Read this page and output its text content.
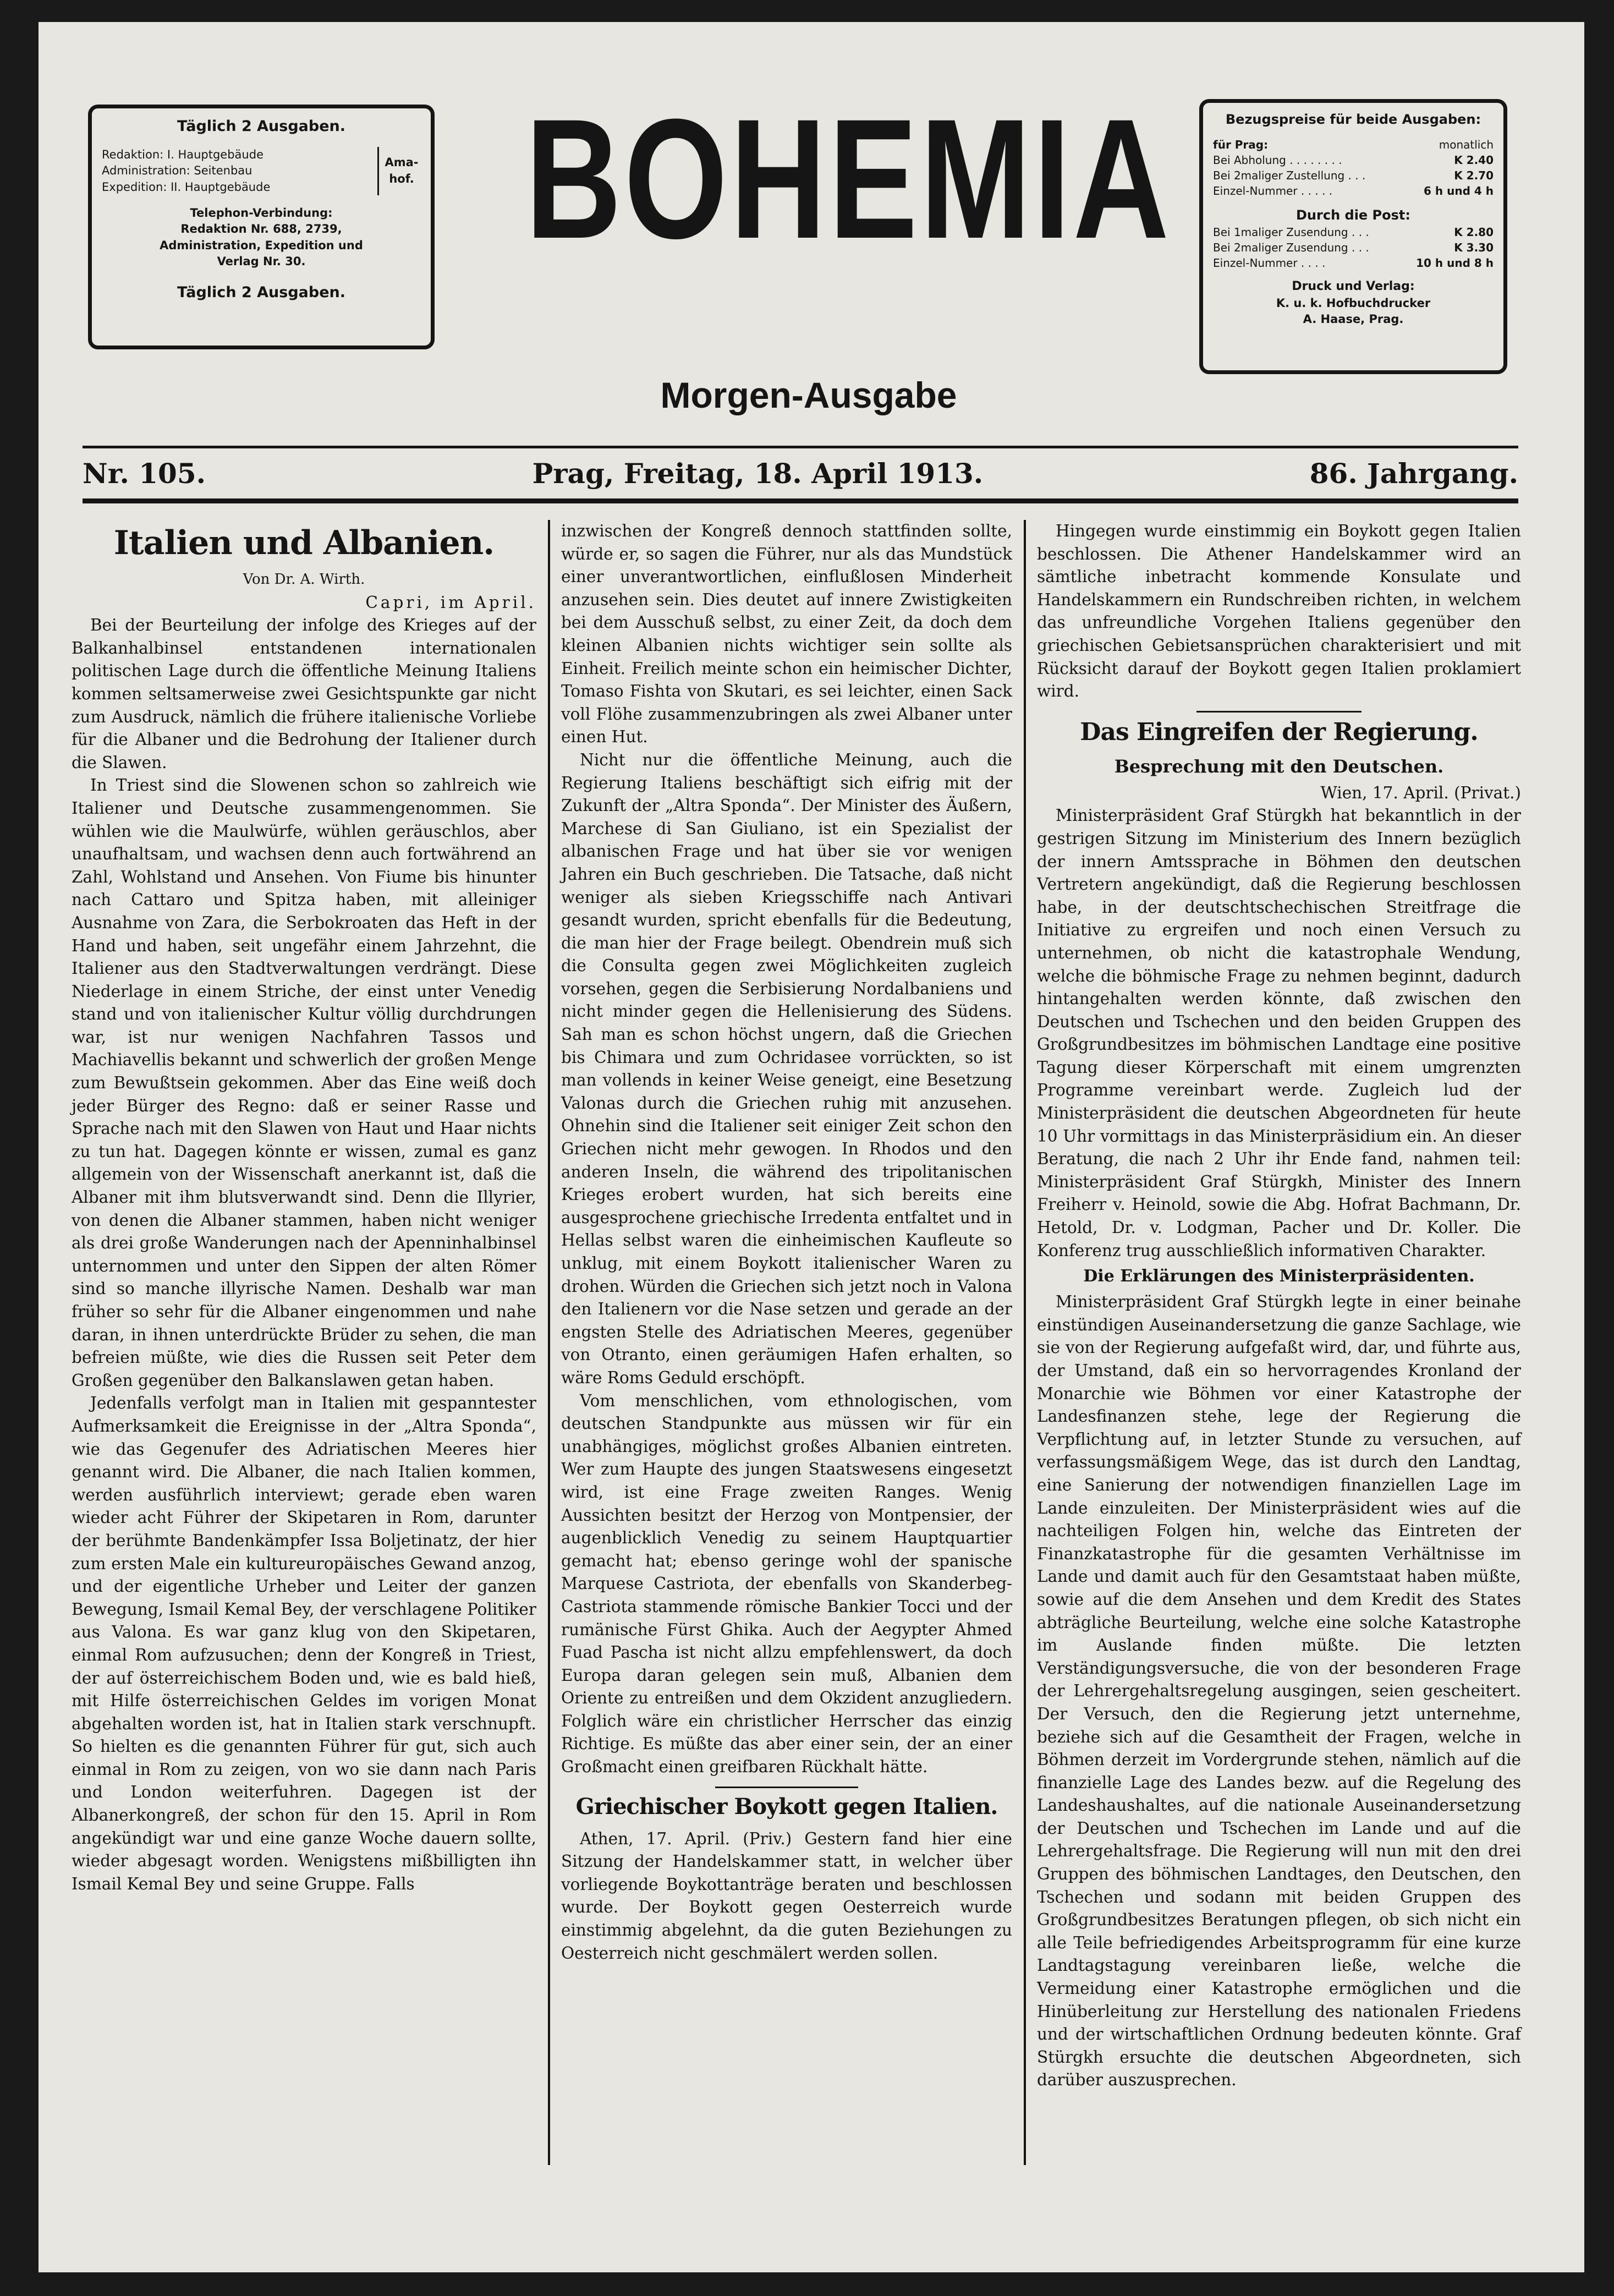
Täglich 2 Ausgaben.
Redaktion: I. Hauptgebäude
Administration: Seitenbau
Expedition: II. Hauptgebäude
Ama-hof.
Telephon-Verbindung:
Redaktion Nr. 688, 2739,
Administration, Expedition und
Verlag Nr. 30.
Täglich 2 Ausgaben.
BOHEMIA
Morgen-Ausgabe
Bezugspreise für beide Ausgaben:
für Prag:	monatlich
Bei Abholung . . . . . . . .	K 2.40
Bei 2maliger Zustellung . . .	K 2.70
Einzel-Nummer . . . . .	6 h und 4 h
Durch die Post:
Bei 1maliger Zusendung . . .	K 2.80
Bei 2maliger Zusendung . . .	K 3.30
Einzel-Nummer . . . .	10 h und 8 h
Druck und Verlag:
K. u. k. Hofbuchdrucker
A. Haase, Prag.
Nr. 105.	Prag, Freitag, 18. April 1913.	86. Jahrgang.
Italien und Albanien.
Von Dr. A. Wirth.
Capri, im April.

Bei der Beurteilung der infolge des Krieges auf der Balkanhalbinsel entstandenen internationalen politischen Lage durch die öffentliche Meinung Italiens kommen seltsamerweise zwei Gesichtspunkte gar nicht zum Ausdruck, nämlich die frühere italienische Vorliebe für die Albaner und die Bedrohung der Italiener durch die Slawen.

In Triest sind die Slowenen schon so zahlreich wie Italiener und Deutsche zusammengenommen. Sie wühlen wie die Maulwürfe, wühlen geräuschlos, aber unaufhaltsam, und wachsen denn auch fortwährend an Zahl, Wohlstand und Ansehen. Von Fiume bis hinunter nach Cattaro und Spitza haben, mit alleiniger Ausnahme von Zara, die Serbokroaten das Heft in der Hand und haben, seit ungefähr einem Jahrzehnt, die Italiener aus den Stadtverwaltungen verdrängt. Diese Niederlage in einem Striche, der einst unter Venedig stand und von italienischer Kultur völlig durchdrungen war, ist nur wenigen Nachfahren Tassos und Machiavellis bekannt und schwerlich der großen Menge zum Bewußtsein gekommen. Aber das Eine weiß doch jeder Bürger des Regno: daß er seiner Rasse und Sprache nach mit den Slawen von Haut und Haar nichts zu tun hat. Dagegen könnte er wissen, zumal es ganz allgemein von der Wissenschaft anerkannt ist, daß die Albaner mit ihm blutsverwandt sind. Denn die Illyrier, von denen die Albaner stammen, haben nicht weniger als drei große Wanderungen nach der Apenninhalbinsel unternommen und unter den Sippen der alten Römer sind so manche illyrische Namen. Deshalb war man früher so sehr für die Albaner eingenommen und nahe daran, in ihnen unterdrückte Brüder zu sehen, die man befreien müßte, wie dies die Russen seit Peter dem Großen gegenüber den Balkanslawen getan haben.

Jedenfalls verfolgt man in Italien mit gespanntester Aufmerksamkeit die Ereignisse in der „Altra Sponda“, wie das Gegenufer des Adriatischen Meeres hier genannt wird. Die Albaner, die nach Italien kommen, werden ausführlich interviewt; gerade eben waren wieder acht Führer der Skipetaren in Rom, darunter der berühmte Bandenkämpfer Issa Boljetinatz, der hier zum ersten Male ein kultureuropäisches Gewand anzog, und der eigentliche Urheber und Leiter der ganzen Bewegung, Ismail Kemal Bey, der verschlagene Politiker aus Valona. Es war ganz klug von den Skipetaren, einmal Rom aufzusuchen; denn der Kongreß in Triest, der auf österreichischem Boden und, wie es bald hieß, mit Hilfe österreichischen Geldes im vorigen Monat abgehalten worden ist, hat in Italien stark verschnupft. So hielten es die genannten Führer für gut, sich auch einmal in Rom zu zeigen, von wo sie dann nach Paris und London weiterfuhren. Dagegen ist der Albanerkongreß, der schon für den 15. April in Rom angekündigt war und eine ganze Woche dauern sollte, wieder abgesagt worden. Wenigstens mißbilligten ihn Ismail Kemal Bey und seine Gruppe. Falls

inzwischen der Kongreß dennoch stattfinden sollte, würde er, so sagen die Führer, nur als das Mundstück einer unverantwortlichen, einflußlosen Minderheit anzusehen sein. Dies deutet auf innere Zwistigkeiten bei dem Ausschuß selbst, zu einer Zeit, da doch dem kleinen Albanien nichts wichtiger sein sollte als Einheit. Freilich meinte schon ein heimischer Dichter, Tomaso Fishta von Skutari, es sei leichter, einen Sack voll Flöhe zusammenzubringen als zwei Albaner unter einen Hut.

Nicht nur die öffentliche Meinung, auch die Regierung Italiens beschäftigt sich eifrig mit der Zukunft der „Altra Sponda“. Der Minister des Äußern, Marchese di San Giuliano, ist ein Spezialist der albanischen Frage und hat über sie vor wenigen Jahren ein Buch geschrieben. Die Tatsache, daß nicht weniger als sieben Kriegsschiffe nach Antivari gesandt wurden, spricht ebenfalls für die Bedeutung, die man hier der Frage beilegt. Obendrein muß sich die Consulta gegen zwei Möglichkeiten zugleich vorsehen, gegen die Serbisierung Nordalbaniens und nicht minder gegen die Hellenisierung des Südens. Sah man es schon höchst ungern, daß die Griechen bis Chimara und zum Ochridasee vorrückten, so ist man vollends in keiner Weise geneigt, eine Besetzung Valonas durch die Griechen ruhig mit anzusehen. Ohnehin sind die Italiener seit einiger Zeit schon den Griechen nicht mehr gewogen. In Rhodos und den anderen Inseln, die während des tripolitanischen Krieges erobert wurden, hat sich bereits eine ausgesprochene griechische Irredenta entfaltet und in Hellas selbst waren die einheimischen Kaufleute so unklug, mit einem Boykott italienischer Waren zu drohen. Würden die Griechen sich jetzt noch in Valona den Italienern vor die Nase setzen und gerade an der engsten Stelle des Adriatischen Meeres, gegenüber von Otranto, einen geräumigen Hafen erhalten, so wäre Roms Geduld erschöpft.

Vom menschlichen, vom ethnologischen, vom deutschen Standpunkte aus müssen wir für ein unabhängiges, möglichst großes Albanien eintreten. Wer zum Haupte des jungen Staatswesens eingesetzt wird, ist eine Frage zweiten Ranges. Wenig Aussichten besitzt der Herzog von Montpensier, der augenblicklich Venedig zu seinem Hauptquartier gemacht hat; ebenso geringe wohl der spanische Marquese Castriota, der ebenfalls von Skanderbeg-Castriota stammende römische Bankier Tocci und der rumänische Fürst Ghika. Auch der Aegypter Ahmed Fuad Pascha ist nicht allzu empfehlenswert, da doch Europa daran gelegen sein muß, Albanien dem Oriente zu entreißen und dem Okzident anzugliedern. Folglich wäre ein christlicher Herrscher das einzig Richtige. Es müßte das aber einer sein, der an einer Großmacht einen greifbaren Rückhalt hätte.

Griechischer Boykott gegen Italien.

Athen, 17. April. (Priv.) Gestern fand hier eine Sitzung der Handelskammer statt, in welcher über vorliegende Boykottanträge beraten und beschlossen wurde. Der Boykott gegen Oesterreich wurde einstimmig abgelehnt, da die guten Beziehungen zu Oesterreich nicht geschmälert werden sollen.

Hingegen wurde einstimmig ein Boykott gegen Italien beschlossen. Die Athener Handelskammer wird an sämtliche inbetracht kommende Konsulate und Handelskammern ein Rundschreiben richten, in welchem das unfreundliche Vorgehen Italiens gegenüber den griechischen Gebietsansprüchen charakterisiert und mit Rücksicht darauf der Boykott gegen Italien proklamiert wird.

Das Eingreifen der Regierung.
Besprechung mit den Deutschen.
Wien, 17. April. (Privat.)

Ministerpräsident Graf Stürgkh hat bekanntlich in der gestrigen Sitzung im Ministerium des Innern bezüglich der innern Amtssprache in Böhmen den deutschen Vertretern angekündigt, daß die Regierung beschlossen habe, in der deutschtschechischen Streitfrage die Initiative zu ergreifen und noch einen Versuch zu unternehmen, ob nicht die katastrophale Wendung, welche die böhmische Frage zu nehmen beginnt, dadurch hintangehalten werden könnte, daß zwischen den Deutschen und Tschechen und den beiden Gruppen des Großgrundbesitzes im böhmischen Landtage eine positive Tagung dieser Körperschaft mit einem umgrenzten Programme vereinbart werde. Zugleich lud der Ministerpräsident die deutschen Abgeordneten für heute 10 Uhr vormittags in das Ministerpräsidium ein. An dieser Beratung, die nach 2 Uhr ihr Ende fand, nahmen teil: Ministerpräsident Graf Stürgkh, Minister des Innern Freiherr v. Heinold, sowie die Abg. Hofrat Bachmann, Dr. Hetold, Dr. v. Lodgman, Pacher und Dr. Koller. Die Konferenz trug ausschließlich informativen Charakter.

Die Erklärungen des Ministerpräsidenten.

Ministerpräsident Graf Stürgkh legte in einer beinahe einstündigen Auseinandersetzung die ganze Sachlage, wie sie von der Regierung aufgefaßt wird, dar, und führte aus, der Umstand, daß ein so hervorragendes Kronland der Monarchie wie Böhmen vor einer Katastrophe der Landesfinanzen stehe, lege der Regierung die Verpflichtung auf, in letzter Stunde zu versuchen, auf verfassungsmäßigem Wege, das ist durch den Landtag, eine Sanierung der notwendigen finanziellen Lage im Lande einzuleiten. Der Ministerpräsident wies auf die nachteiligen Folgen hin, welche das Eintreten der Finanzkatastrophe für die gesamten Verhältnisse im Lande und damit auch für den Gesamtstaat haben müßte, sowie auf die dem Ansehen und dem Kredit des States abträgliche Beurteilung, welche eine solche Katastrophe im Auslande finden müßte. Die letzten Verständigungsversuche, die von der besonderen Frage der Lehrergehaltsregelung ausgingen, seien gescheitert. Der Versuch, den die Regierung jetzt unternehme, beziehe sich auf die Gesamtheit der Fragen, welche in Böhmen derzeit im Vordergrunde stehen, nämlich auf die finanzielle Lage des Landes bezw. auf die Regelung des Landeshaushaltes, auf die nationale Auseinandersetzung der Deutschen und Tschechen im Lande und auf die Lehrergehaltsfrage. Die Regierung will nun mit den drei Gruppen des böhmischen Landtages, den Deutschen, den Tschechen und sodann mit beiden Gruppen des Großgrundbesitzes Beratungen pflegen, ob sich nicht ein alle Teile befriedigendes Arbeitsprogramm für eine kurze Landtagstagung vereinbaren ließe, welche die Vermeidung einer Katastrophe ermöglichen und die Hinüberleitung zur Herstellung des nationalen Friedens und der wirtschaftlichen Ordnung bedeuten könnte. Graf Stürgkh ersuchte die deutschen Abgeordneten, sich darüber auszusprechen.
